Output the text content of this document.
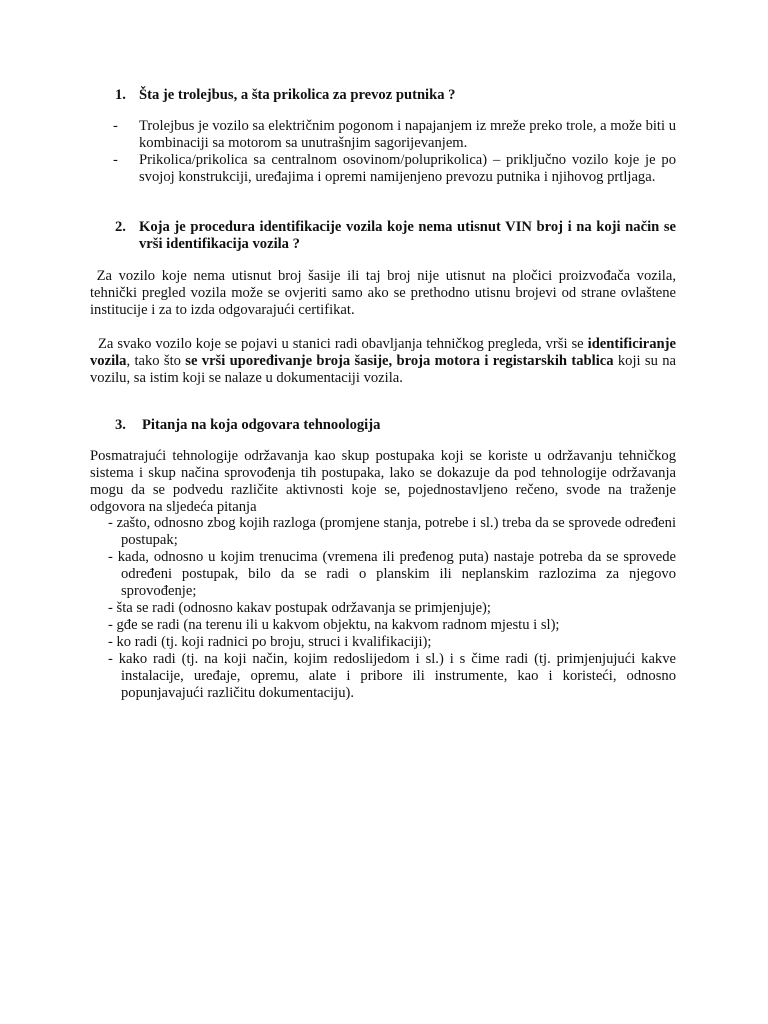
1. Šta je trolejbus, a šta prikolica za prevoz putnika ?
- Trolejbus je vozilo sa električnim pogonom i napajanjem iz mreže preko trole, a može biti u kombinaciji sa motorom sa unutrašnjim sagorijevanjem.
- Prikolica/prikolica sa centralnom osovinom/poluprikolica) – priključno vozilo koje je po svojoj konstrukciji, uređajima i opremi namijenjeno prevozu putnika i njihovog prtljaga.
2. Koja je procedura identifikacije vozila koje nema utisnut VIN broj i na koji način se vrši identifikacija vozila ?
Za vozilo koje nema utisnut broj šasije ili taj broj nije utisnut na pločici proizvođača vozila, tehnički pregled vozila može se ovjeriti samo ako se prethodno utisnu brojevi od strane ovlaštene institucije i za to izda odgovarajući certifikat.
Za svako vozilo koje se pojavi u stanici radi obavljanja tehničkog pregleda, vrši se identificiranje vozila, tako što se vrši upoređivanje broja šasije, broja motora i registarskih tablica koji su na vozilu, sa istim koji se nalaze u dokumentaciji vozila.
3. Pitanja na koja odgovara tehnoologija
Posmatrajući tehnologije održavanja kao skup postupaka koji se koriste u održavanju tehničkog sistema i skup načina sprovođenja tih postupaka, lako se dokazuje da pod tehnologije održavanja mogu da se podvedu različite aktivnosti koje se, pojednostavljeno rečeno, svode na traženje odgovora na sljedeća pitanja
- zašto, odnosno zbog kojih razloga (promjene stanja, potrebe i sl.) treba da se sprovede određeni postupak;
- kada, odnosno u kojim trenucima (vremena ili pređenog puta) nastaje potreba da se sprovede određeni postupak, bilo da se radi o planskim ili neplanskim razlozima za njegovo sprovođenje;
- šta se radi (odnosno kakav postupak održavanja se primjenjuje);
- gđe se radi (na terenu ili u kakvom objektu, na kakvom radnom mjestu i sl);
- ko radi (tj. koji radnici po broju, struci i kvalifikaciji);
- kako radi (tj. na koji način, kojim redoslijedom i sl.) i s čime radi (tj. primjenjujući kakve instalacije, uređaje, opremu, alate i pribore ili instrumente, kao i koristeći, odnosno popunjavajući različitu dokumentaciju).
